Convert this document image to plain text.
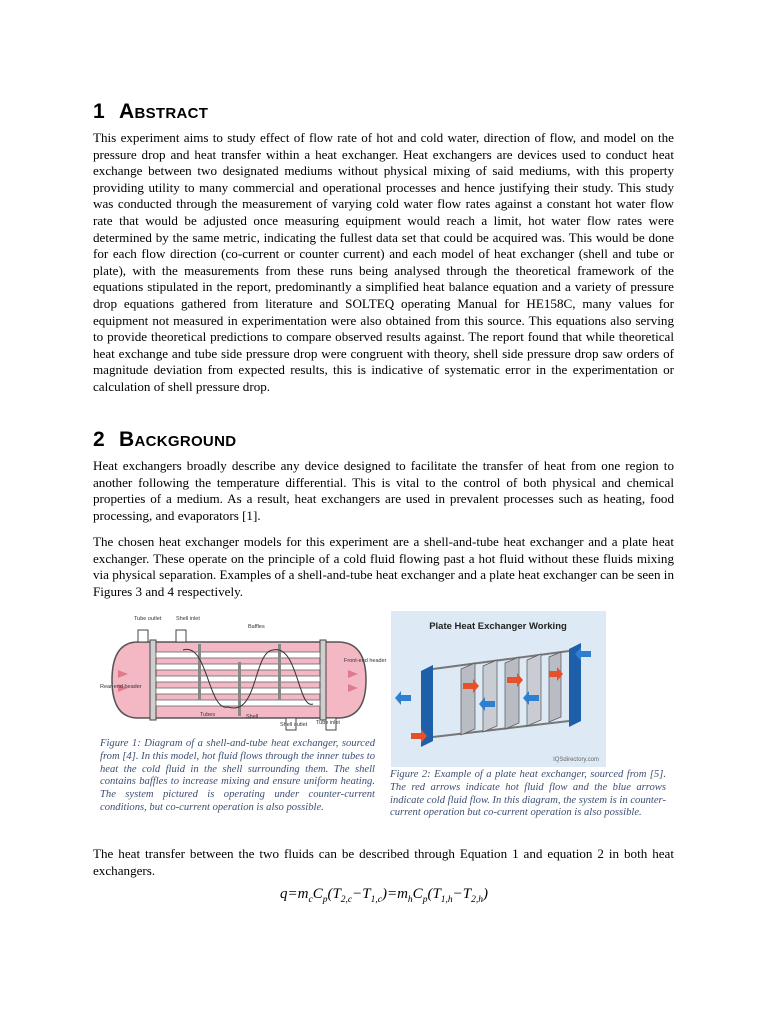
1 Abstract

This experiment aims to study effect of flow rate of hot and cold water, direction of flow, and model on the pressure drop and heat transfer within a heat exchanger. Heat exchangers are devices used to conduct heat exchange between two designated mediums without physical mixing of said mediums, with this property providing utility to many commercial and operational processes and hence justifying their study. This study was conducted through the measurement of varying cold water flow rates against a constant hot water flow rate that would be adjusted once measuring equipment would reach a limit, hot water flow rates were determined by the same metric, indicating the fullest data set that could be acquired was. This would be done for each flow direction (co-current or counter current) and each model of heat exchanger (shell and tube or plate), with the measurements from these runs being analysed through the theoretical framework of the equations stipulated in the report, predominantly a simplified heat balance equation and a variety of pressure drop equations gathered from literature and SOLTEQ operating Manual for HE158C, many values for equipment not measured in experimentation were also obtained from this source. This equations also serving to provide theoretical predictions to compare observed results against. The report found that while theoretical heat exchange and tube side pressure drop were congruent with theory, shell side pressure drop saw orders of magnitude deviation from expected results, this is indicative of systematic error in the experimentation or calculation of shell pressure drop.

2 Background

Heat exchangers broadly describe any device designed to facilitate the transfer of heat from one region to another following the temperature differential. This is vital to the control of both physical and chemical properties of a medium. As a result, heat exchangers are used in prevalent processes such as heating, food processing, and evaporators [1].

The chosen heat exchanger models for this experiment are a shell-and-tube heat exchanger and a plate heat exchanger. These operate on the principle of a cold fluid flowing past a hot fluid without these fluids mixing via physical separation. Examples of a shell-and-tube heat exchanger and a plate heat exchanger can be seen in Figures 3 and 4 respectively.

Tube outlet	Shell inlet
Baffles
Front-end header
Rear-end header
Tubes	Shell
Shell outlet Tube inlet

Figure 1: Diagram of a shell-and-tube heat exchanger, sourced from [4]. In this model, hot fluid flows through the inner tubes to heat the cold fluid in the shell surrounding them. The shell contains baffles to increase mixing and ensure uniform heating. The system pictured is operating under counter-current conditions, but co-current operation is also possible.

Plate Heat Exchanger Working
IQSdirectory.com

Figure 2: Example of a plate heat exchanger, sourced from [5]. The red arrows indicate hot fluid flow and the blue arrows indicate cold fluid flow. In this diagram, the system is in counter-current operation but co-current operation is also possible.

The heat transfer between the two fluids can be described through Equation 1 and equation 2 in both heat exchangers.

$q=m_cC_p(T_{2,c}-T_{1,c})=m_hC_p(T_{1,h}-T_{2,h})$
